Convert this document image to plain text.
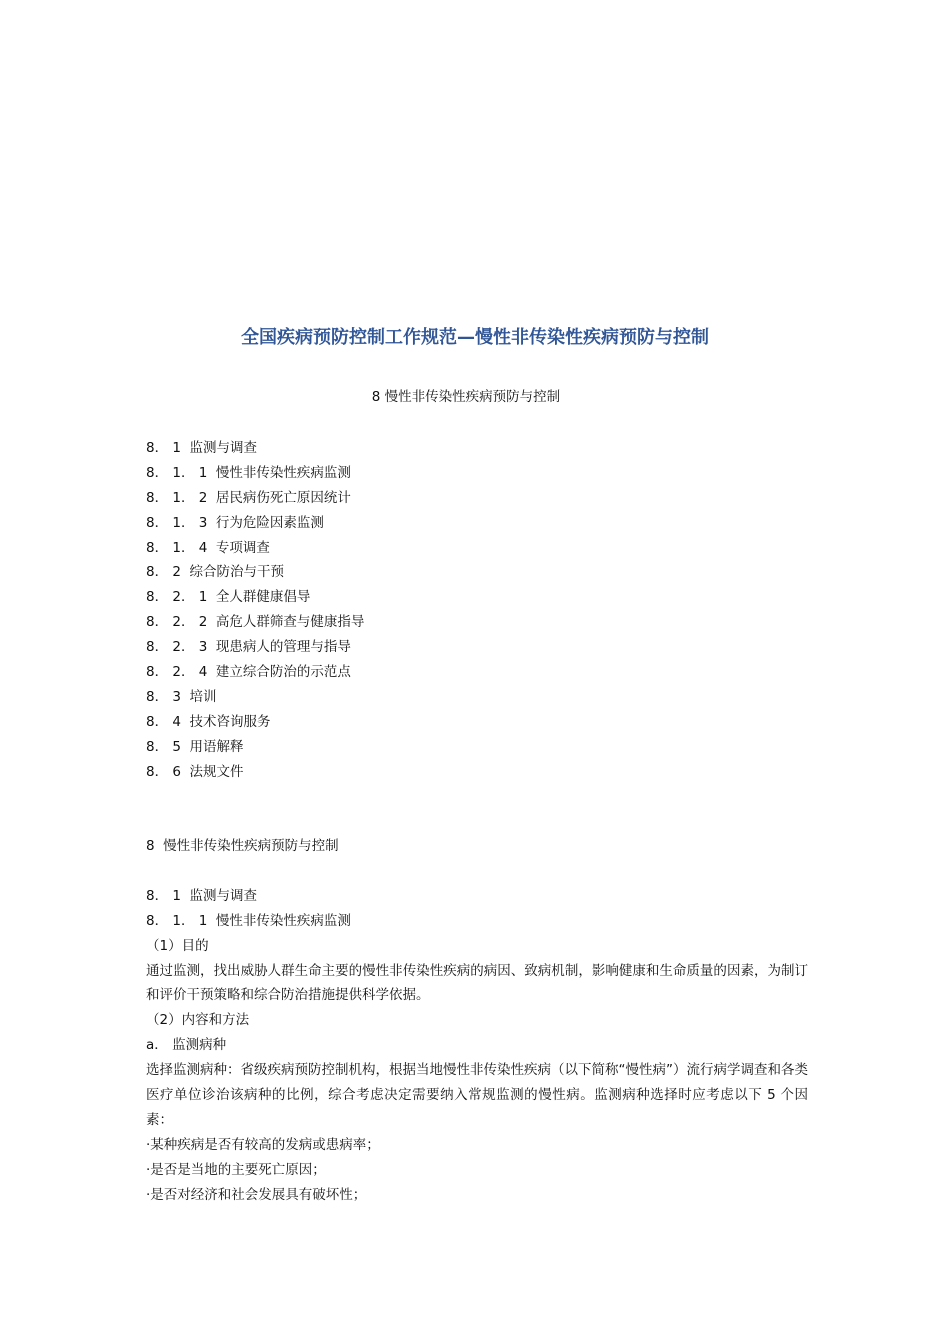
全国疾病预防控制工作规范—慢性非传染性疾病预防与控制
8 慢性非传染性疾病预防与控制
8． 1  监测与调查
8． 1． 1  慢性非传染性疾病监测
8． 1． 2  居民病伤死亡原因统计
8． 1． 3  行为危险因素监测
8． 1． 4  专项调查
8． 2  综合防治与干预
8． 2． 1  全人群健康倡导
8． 2． 2  高危人群筛查与健康指导
8． 2． 3  现患病人的管理与指导
8． 2． 4  建立综合防治的示范点
8． 3  培训
8． 4  技术咨询服务
8． 5  用语解释
8． 6  法规文件
8  慢性非传染性疾病预防与控制
8． 1  监测与调查
8． 1． 1  慢性非传染性疾病监测
（1）目的
通过监测，找出威胁人群生命主要的慢性非传染性疾病的病因、致病机制，影响健康和生命质量的因素，为制订和评价干预策略和综合防治措施提供科学依据。
（2）内容和方法
a． 监测病种
选择监测病种：省级疾病预防控制机构，根据当地慢性非传染性疾病（以下简称“慢性病”）流行病学调查和各类医疗单位诊治该病种的比例，综合考虑决定需要纳入常规监测的慢性病。监测病种选择时应考虑以下 5 个因素：
·某种疾病是否有较高的发病或患病率；
·是否是当地的主要死亡原因；
·是否对经济和社会发展具有破坏性；
